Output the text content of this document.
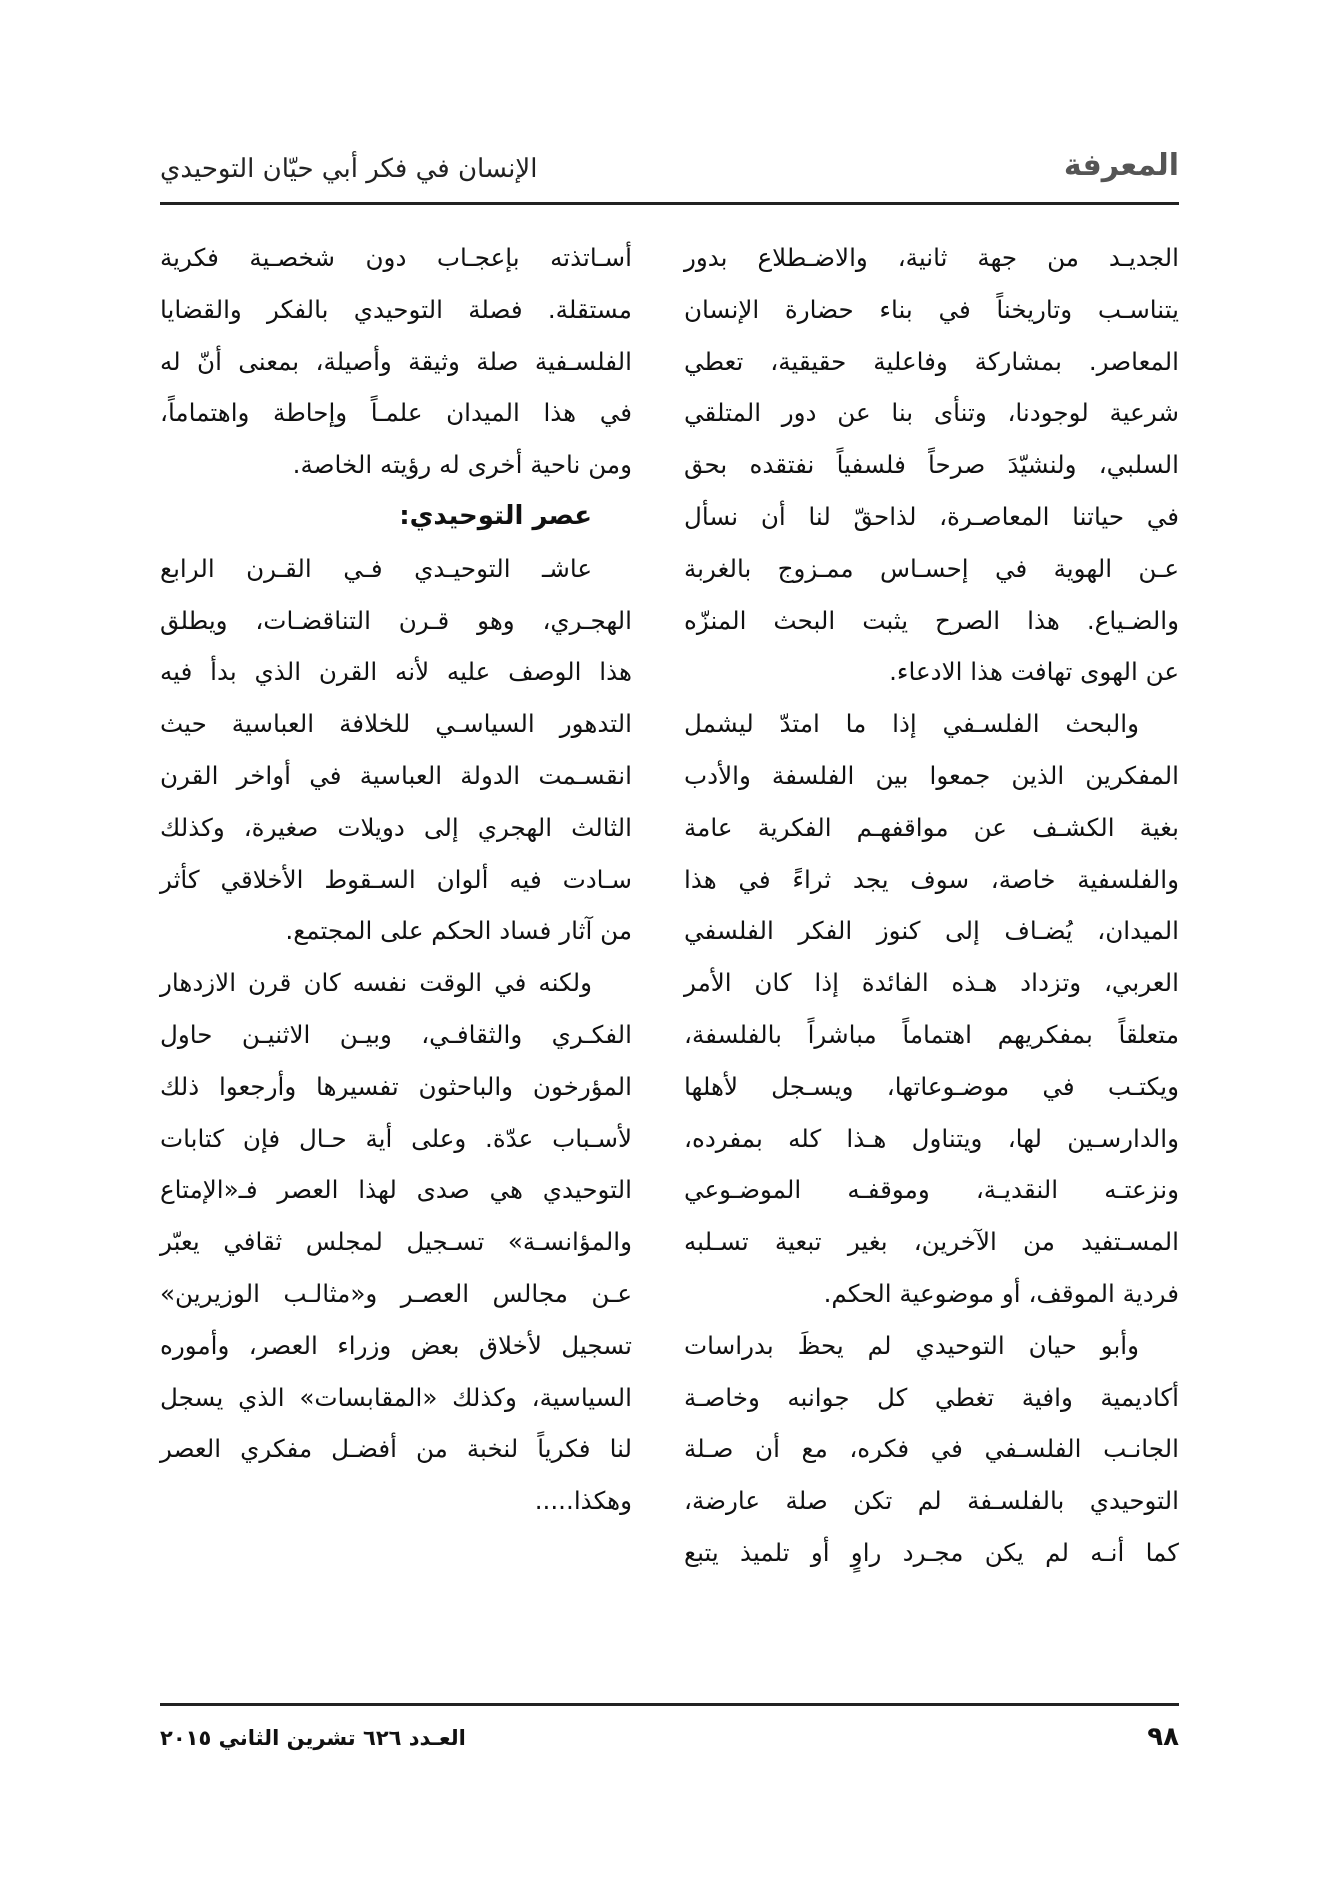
المعرفة
الإنسان في فكر أبي حيّان التوحيدي
الجديـد من جهة ثانية، والاضـطلاع بدور
يتناسـب وتاريخناً في بناء حضارة الإنسان
المعاصر. بمشاركة وفاعلية حقيقية، تعطي
شرعية لوجودنا، وتنأى بنا عن دور المتلقي
السلبي، ولنشيّدَ صرحاً فلسفياً نفتقده بحق
في حياتنا المعاصـرة، لذاحقّ لنا أن نسأل
عـن الهوية في إحسـاس ممـزوج بالغربة
والضـياع. هذا الصرح يثبت البحث المنزّه
عن الهوى تهافت هذا الادعاء.
والبحث الفلسـفي إذا ما امتدّ ليشمل
المفكرين الذين جمعوا بين الفلسفة والأدب
بغية الكشـف عن مواقفهـم الفكرية عامة
والفلسفية خاصة، سوف يجد ثراءً في هذا
الميدان، يُضـاف إلى كنوز الفكر الفلسفي
العربي، وتزداد هـذه الفائدة إذا كان الأمر
متعلقاً بمفكريهم اهتماماً مباشراً بالفلسفة،
ويكتـب في موضـوعاتها، ويسـجل لأهلها
والدارسـين لها، ويتناول هـذا كله بمفرده،
ونزعتـه النقديـة، وموقفـه الموضـوعي
المسـتفيد من الآخرين، بغير تبعية تسـلبه
فردية الموقف، أو موضوعية الحكم.
وأبو حيان التوحيدي لم يحظَ بدراسات
أكاديمية وافية تغطي كل جوانبه وخاصـة
الجانـب الفلسـفي في فكره، مع أن صـلة
التوحيدي بالفلسـفة لم تكن صلة عارضة،
كما أنـه لم يكن مجـرد راوٍ أو تلميذ يتبع
أسـاتذته بإعجـاب دون شخصـية فكرية
مستقلة. فصلة التوحيدي بالفكر والقضايا
الفلسـفية صلة وثيقة وأصيلة، بمعنى أنّ له
في هذا الميدان علمـاً وإحاطة واهتماماً،
ومن ناحية أخرى له رؤيته الخاصة.
عصر التوحيدي:
عاشـ التوحيـدي فـي القـرن الرابع
الهجـري، وهو قـرن التناقضـات، ويطلق
هذا الوصف عليه لأنه القرن الذي بدأ فيه
التدهور السياسـي للخلافة العباسية حيث
انقسـمت الدولة العباسية في أواخر القرن
الثالث الهجري إلى دويلات صغيرة، وكذلك
سـادت فيه ألوان السـقوط الأخلاقي كأثر
من آثار فساد الحكم على المجتمع.
ولكنه في الوقت نفسه كان قرن الازدهار
الفكـري والثقافـي، وبيـن الاثنيـن حاول
المؤرخون والباحثون تفسيرها وأرجعوا ذلك
لأسـباب عدّة. وعلى أية حـال فإن كتابات
التوحيدي هي صدى لهذا العصر فـ«الإمتاع
والمؤانسـة» تسـجيل لمجلس ثقافي يعبّر
عـن مجالس العصـر و«مثالـب الوزيرين»
تسجيل لأخلاق بعض وزراء العصر، وأموره
السياسية، وكذلك «المقابسات» الذي يسجل
لنا فكرياً لنخبة من أفضـل مفكري العصر
وهكذا.....
٩٨
العـدد ٦٢٦ تشرين الثاني ٢٠١٥
